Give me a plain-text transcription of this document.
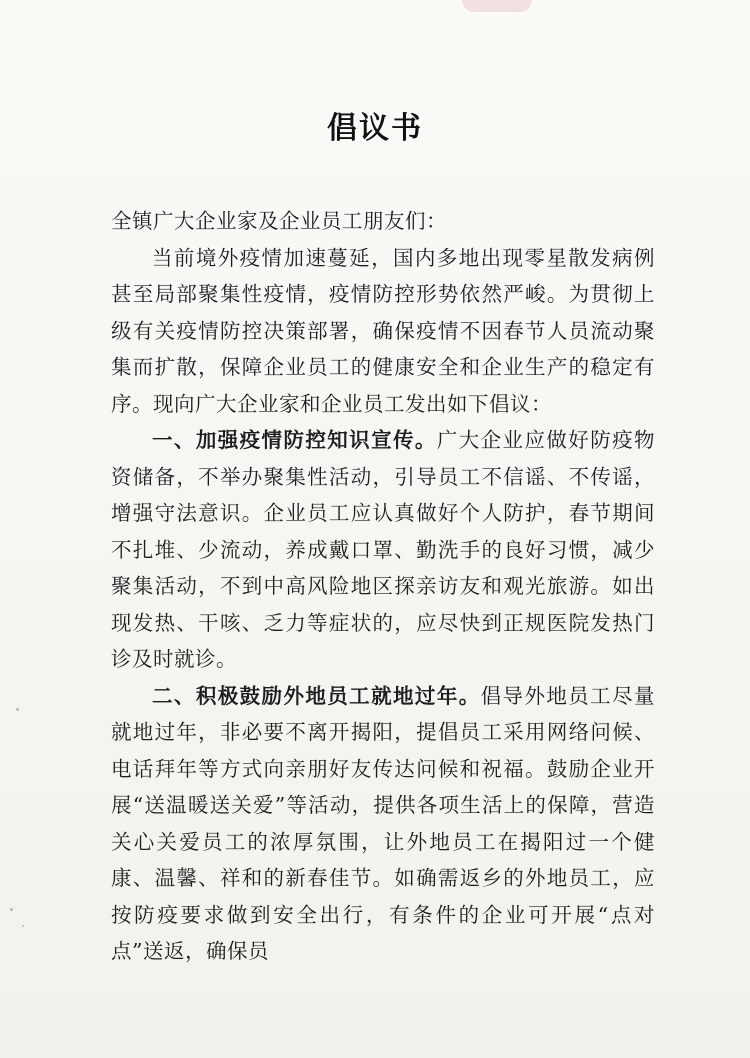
倡议书

全镇广大企业家及企业员工朋友们：

当前境外疫情加速蔓延，国内多地出现零星散发病例甚至局部聚集性疫情，疫情防控形势依然严峻。为贯彻上级有关疫情防控决策部署，确保疫情不因春节人员流动聚集而扩散，保障企业员工的健康安全和企业生产的稳定有序。现向广大企业家和企业员工发出如下倡议：

一、加强疫情防控知识宣传。广大企业应做好防疫物资储备，不举办聚集性活动，引导员工不信谣、不传谣，增强守法意识。企业员工应认真做好个人防护，春节期间不扎堆、少流动，养成戴口罩、勤洗手的良好习惯，减少聚集活动，不到中高风险地区探亲访友和观光旅游。如出现发热、干咳、乏力等症状的，应尽快到正规医院发热门诊及时就诊。

二、积极鼓励外地员工就地过年。倡导外地员工尽量就地过年，非必要不离开揭阳，提倡员工采用网络问候、电话拜年等方式向亲朋好友传达问候和祝福。鼓励企业开展“送温暖送关爱”等活动，提供各项生活上的保障，营造关心关爱员工的浓厚氛围，让外地员工在揭阳过一个健康、温馨、祥和的新春佳节。如确需返乡的外地员工，应按防疫要求做到安全出行，有条件的企业可开展“点对点”送返，确保员
